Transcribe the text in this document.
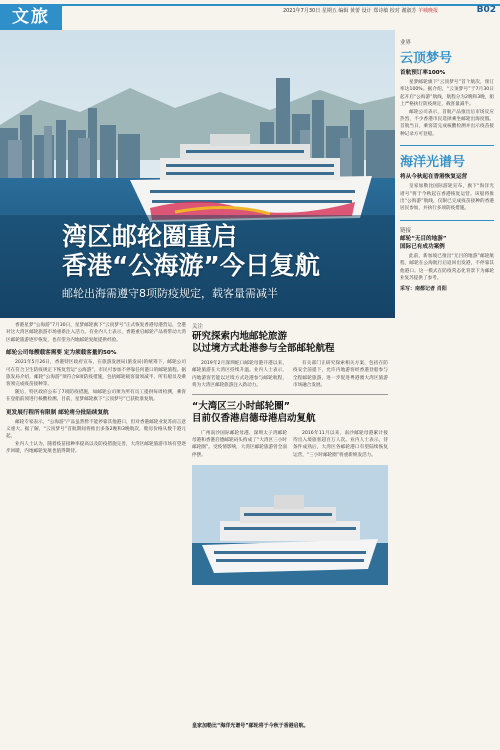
文旅	2021年7月30日 星期五 编辑 黄蕾 设计 郑诗敏 校对 谢淑芳 羊城晚报	B02
湾区邮轮圈重启
香港“公海游”今日复航
邮轮出海需遵守8项防疫规定，载客量需减半

香港星梦“公海游”7月30日，星梦邮轮旗下“云顶梦号”正式恢复香港母港营运，全港对这大湾区邮轮旅游市场重新注入活力。有业内人士表示，香港重启邮轮产品将带动大湾区邮轮旅游逐步恢复，也有望为内地邮轮复航提供经验。

邮轮公司每艘载客需要 定为须载客量的50%

2021年5月26日，香港特区政府宣布，在旅游发展局(旅发局)的统筹下，邮轮公司可在符合卫生防疫规定下恢复营运“公海游”，市民可参加不停靠任何港口的邮轮旅程。据旅发局介绍，邮轮“公海游”须符合8项防疫措施，包括邮轮载客量须减半、所有船员及乘客须完成疫苗接种等。

随后，特区政府公布了7项防疫措施，如邮轮公司须为所有员工提供每周检测，乘客在登船前须进行核酸检测。目前，星梦邮轮旗下“云顶梦号”已获批准复航。

更发展行程所有限制 邮轮将分批陆续复航

邮轮专家表示，“公海游”产品虽然暂不能停靠其他港口，但对香港邮轮业复苏而言意义重大。据了解，“云顶梦号”首航期间将推出多条2晚和3晚航次，舱房价格从数千港元起。

业内人士认为，随着疫苗接种率提高以及防疫措施完善，大湾区邮轮旅游市场有望逐步回暖，内地邮轮复航也值得期待。

关注
研究探索内地邮轮旅游
以过境方式赴港参与全部邮轮航程

2019年2月深圳蛇口邮轮母港开港以来，邮轮旅游在大湾区持续升温。业内人士表示，内地游客若能以过境方式赴港参与邮轮航程，将为大湾区邮轮旅游注入新动力。

有关部门正研究探索相关方案，包括在防疫安全前提下，允许内地游客经香港登船参与全程邮轮旅游，进一步促进粤港澳大湾区旅游市场融合发展。

“大湾区三小时邮轮圈”
目前仅香港启德母港启动复航

广州南沙国际邮轮母港、深圳太子湾邮轮母港和香港启德邮轮码头构成了“大湾区三小时邮轮圈”。受疫情影响，大湾区邮轮旅游曾全面停摆。

2016年11月以来，南沙邮轮母港累计接待出入境旅客超百万人次。业内人士表示，待条件成熟后，大湾区各邮轮港口有望陆续恢复运营，“三小时邮轮圈”将重新焕发活力。

皇家加勒比“海洋光谱号”邮轮将于今秋于香港启航。
业界
云顶梦号
首航预订率100%

星梦邮轮旗下“云顶梦号”首个航次，预订率达100%。据介绍，“云顶梦号”于7月30日起开启“公海游”航线，航程分为2晚和3晚，船上严格执行防疫规定，载客量减半。

邮轮公司表示，首航产品推出后市场反应热烈，不少香港市民选择乘坐邮轮出海度假。首航当日，乘客需完成核酸检测并出示疫苗接种记录方可登船。

海洋光谱号
将从今秋起在香港恢复运营

皇家加勒比国际游轮宣布，旗下“海洋光谱号”将于今秋起在香港恢复运营。该船将推出“公海游”航线，仅限已完成疫苗接种的香港居民参加，并执行多项防疫措施。

链接
邮轮“无目的地游”
国际已有成功案例

此前，新加坡已推出“无目的地游”邮轮航程，邮轮在公海航行后返回出发港，不停靠其他港口。这一模式在防疫常态化背景下为邮轮业复苏提供了参考。

采写：南都记者 肖阳
